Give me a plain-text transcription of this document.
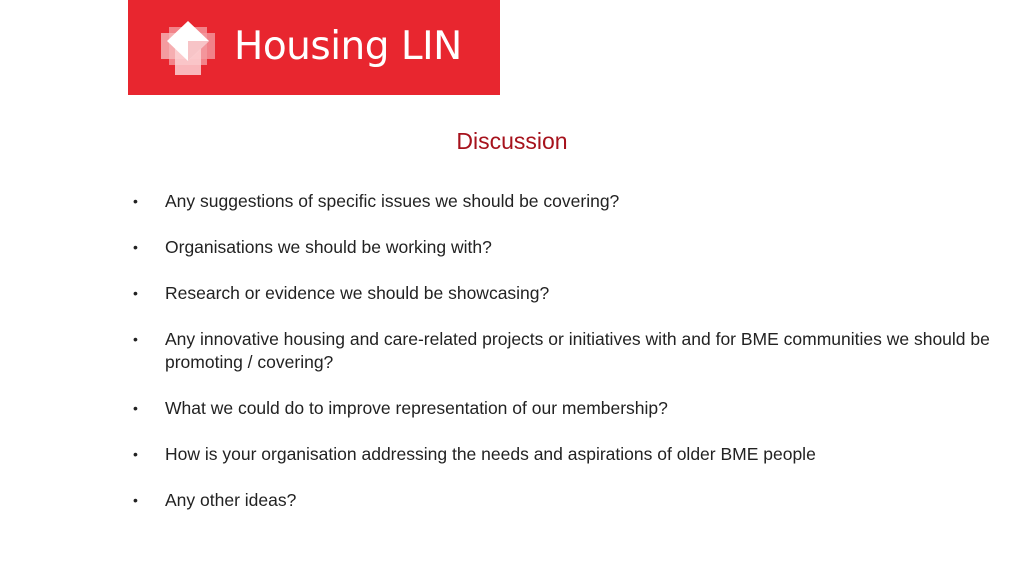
Housing LIN
Discussion
• Any suggestions of specific issues we should be covering?
• Organisations we should be working with?
• Research or evidence we should be showcasing?
• Any innovative housing and care-related projects or initiatives with and for BME communities we should be promoting / covering?
• What we could do to improve representation of our membership?
• How is your organisation addressing the needs and aspirations of older BME people
• Any other ideas?
